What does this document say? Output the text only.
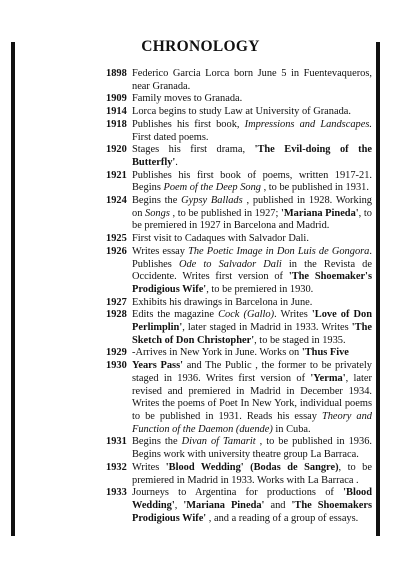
CHRONOLOGY
1898 Federico Garcia Lorca born June 5 in Fuentevaqueros, near Granada.
1909 Family moves to Granada.
1914 Lorca begins to study Law at University of Granada.
1918 Publishes his first book, Impressions and Landscapes. First dated poems.
1920 Stages his first drama, 'The Evil-doing of the Butterfly'.
1921 Publishes his first book of poems, written 1917-21. Begins Poem of the Deep Song , to be published in 1931.
1924 Begins the Gypsy Ballads , published in 1928. Working on Songs , to be published in 1927; 'Mariana Pineda', to be premiered in 1927 in Barcelona and Madrid.
1925 First visit to Cadaques with Salvador Dali.
1926 Writes essay The Poetic Image in Don Luis de Gongora. Publishes Ode to Salvador Dali in the Revista de Occidente. Writes first version of 'The Shoemaker's Prodigious Wife', to be premiered in 1930.
1927 Exhibits his drawings in Barcelona in June.
1928 Edits the magazine Cock (Gallo). Writes 'Love of Don Perlimplin', later staged in Madrid in 1933. Writes 'The Sketch of Don Christopher', to be staged in 1935.
1929 -Arrives in New York in June. Works on 'Thus Five
1930 Years Pass' and The Public , the former to be privately staged in 1936. Writes first version of 'Yerma', later revised and premiered in Madrid in December 1934. Writes the poems of Poet In New York, individual poems to be published in 1931. Reads his essay Theory and Function of the Daemon (duende) in Cuba.
1931 Begins the Divan of Tamarit , to be published in 1936. Begins work with university theatre group La Barraca.
1932 Writes 'Blood Wedding' (Bodas de Sangre), to be premiered in Madrid in 1933. Works with La Barraca .
1933 Journeys to Argentina for productions of 'Blood Wedding', 'Mariana Pineda' and 'The Shoemakers Prodigious Wife' , and a reading of a group of essays.
